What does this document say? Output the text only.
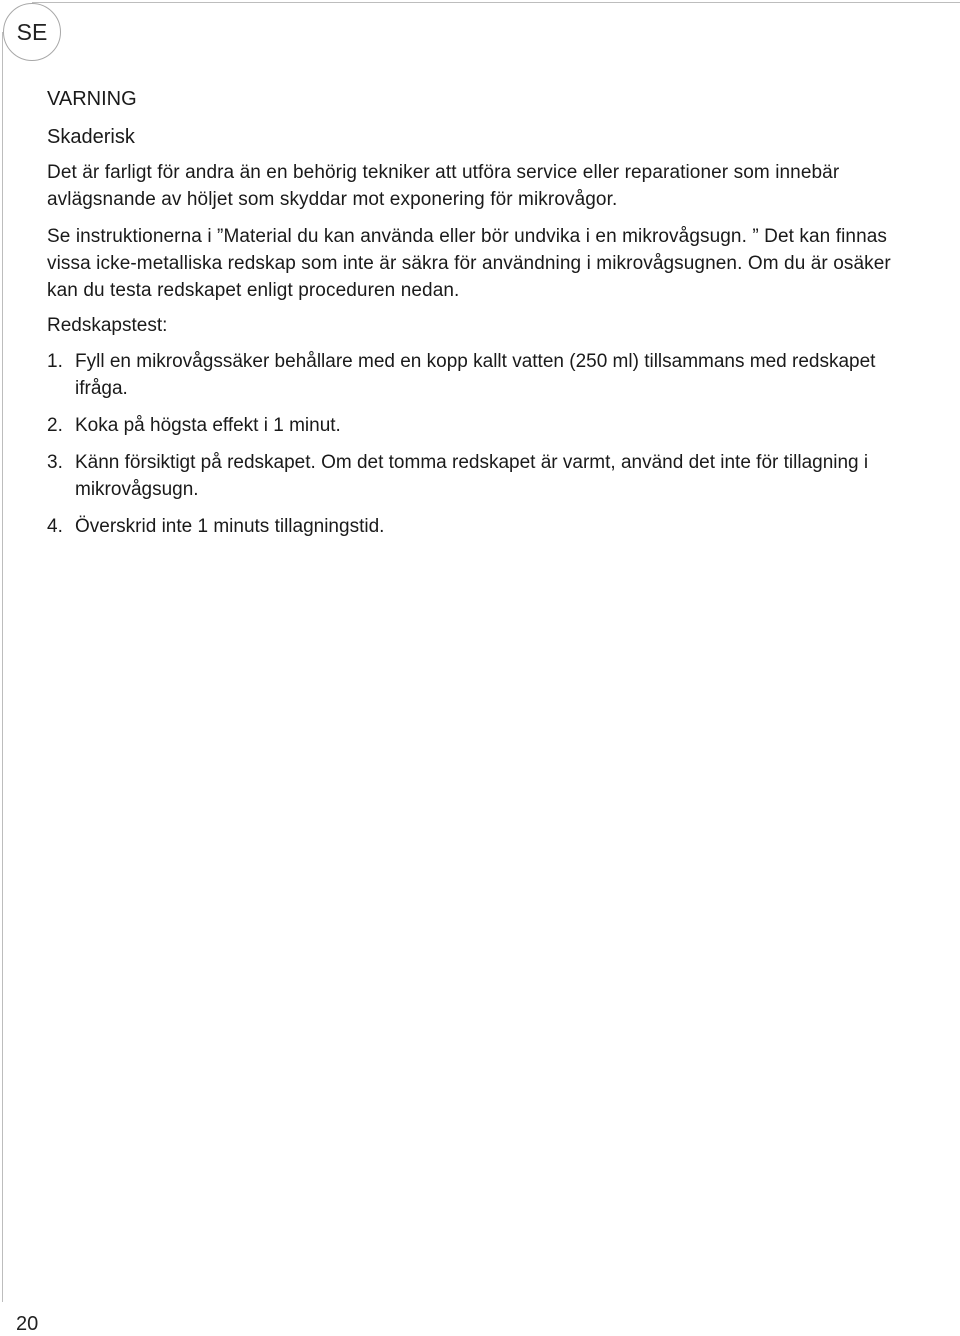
SE
VARNING
Skaderisk

Det är farligt för andra än en behörig tekniker att utföra service eller reparationer som innebär avlägsnande av höljet som skyddar mot exponering för mikrovågor.

Se instruktionerna i ”Material du kan använda eller bör undvika i en mikrovågsugn. ” Det kan finnas vissa icke-metalliska redskap som inte är säkra för användning i mikrovågsugnen. Om du är osäker kan du testa redskapet enligt proceduren nedan.

Redskapstest:

1. Fyll en mikrovågssäker behållare med en kopp kallt vatten (250 ml) tillsammans med redskapet ifråga.
2. Koka på högsta effekt i 1 minut.
3. Känn försiktigt på redskapet. Om det tomma redskapet är varmt, använd det inte för tillagning i mikrovågsugn.
4. Överskrid inte 1 minuts tillagningstid.
20
